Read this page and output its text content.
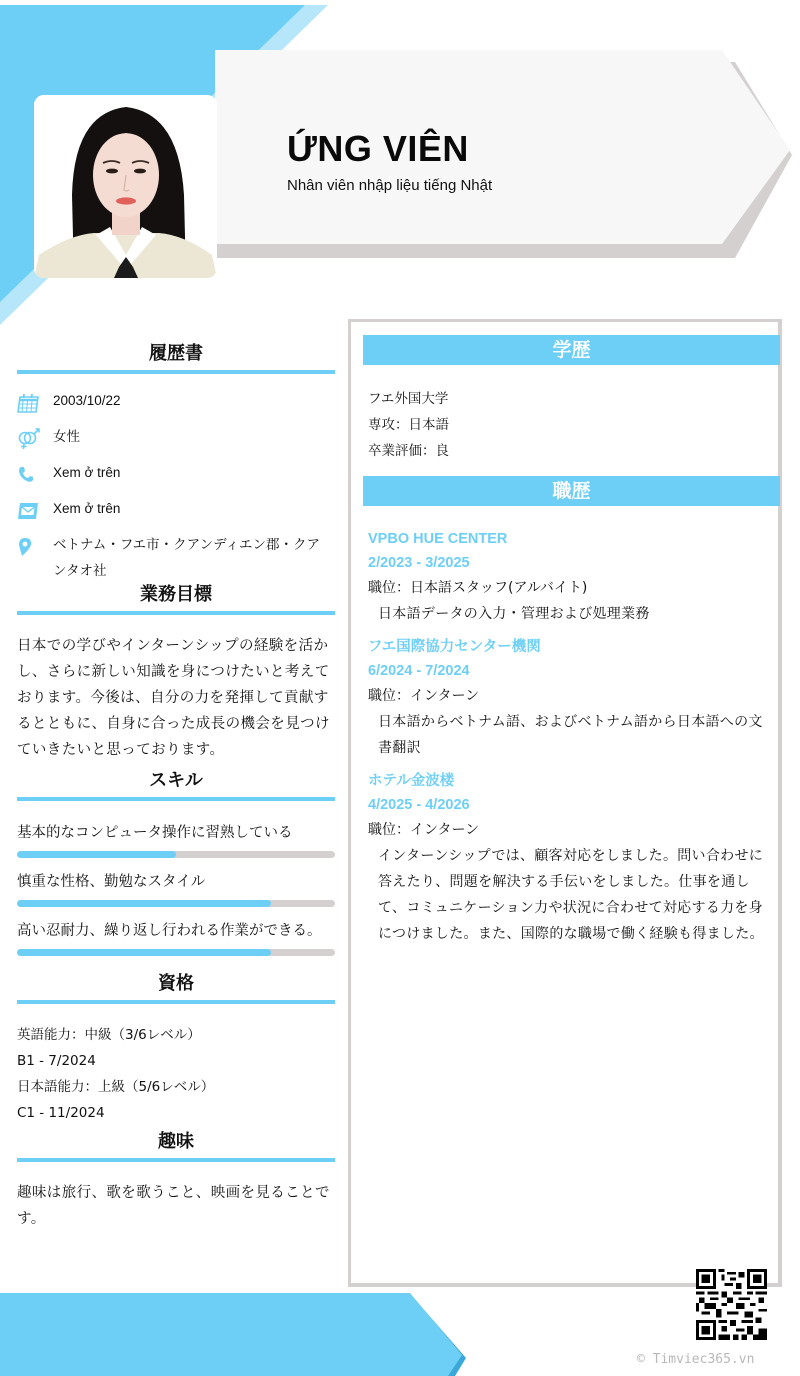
ỨNG VIÊN
Nhân viên nhập liệu tiếng Nhật
履歴書
2003/10/22
女性
Xem ở trên
Xem ở trên
ベトナム・フエ市・クアンディエン郡・クアンタオ社
業務目標

日本での学びやインターンシップの経験を活かし、さらに新しい知識を身につけたいと考えております。今後は、自分の力を発揮して貢献するとともに、自身に合った成長の機会を見つけていきたいと思っております。

スキル
基本的なコンピュータ操作に習熟している
慎重な性格、勤勉なスタイル
高い忍耐力、繰り返し行われる作業ができる。
資格
英語能力：中級（3/6レベル）
B1 - 7/2024
日本語能力：上級（5/6レベル）
C1 - 11/2024
趣味

趣味は旅行、歌を歌うこと、映画を見ることです。

学歴
フエ外国大学
専攻：日本語
卒業評価：良
職歴
VPBO HUE CENTER
2/2023 - 3/2025
職位：日本語スタッフ(アルバイト)
日本語データの入力・管理および処理業務
フエ国際協力センター機関
6/2024 - 7/2024
職位：インターン
日本語からベトナム語、およびベトナム語から日本語への文書翻訳
ホテル金波楼
4/2025 - 4/2026
職位：インターン
インターンシップでは、顧客対応をしました。問い合わせに答えたり、問題を解決する手伝いをしました。仕事を通して、コミュニケーション力や状況に合わせて対応する力を身につけました。また、国際的な職場で働く経験も得ました。
© Timviec365.vn
